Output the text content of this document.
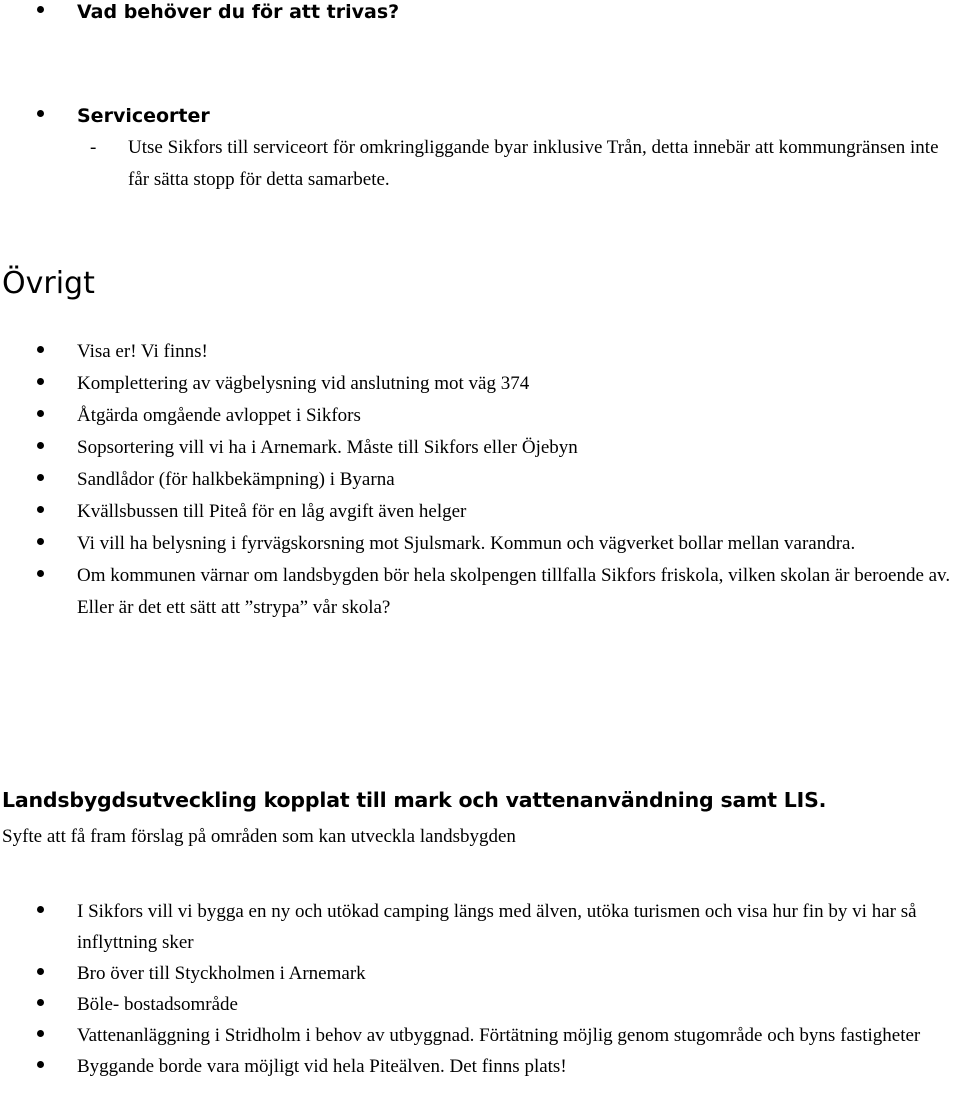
Vad behöver du för att trivas?
Serviceorter
- Utse Sikfors till serviceort för omkringliggande byar inklusive Trån, detta innebär att kommungränsen inte får sätta stopp för detta samarbete.
Övrigt
Visa er! Vi finns!
Komplettering av vägbelysning vid anslutning mot väg 374
Åtgärda omgående avloppet i Sikfors
Sopsortering vill vi ha i Arnemark. Måste till Sikfors eller Öjebyn
Sandlådor (för halkbekämpning) i Byarna
Kvällsbussen till Piteå för en låg avgift även helger
Vi vill ha belysning i fyrvägskorsning mot Sjulsmark. Kommun och vägverket bollar mellan varandra.
Om kommunen värnar om landsbygden bör hela skolpengen tillfalla Sikfors friskola, vilken skolan är beroende av. Eller är det ett sätt att ”strypa” vår skola?
Landsbygdsutveckling kopplat till mark och vattenanvändning samt LIS.
Syfte att få fram förslag på områden som kan utveckla landsbygden
I Sikfors vill vi bygga en ny och utökad camping längs med älven, utöka turismen och visa hur fin by vi har så inflyttning sker
Bro över till Styckholmen i Arnemark
Böle- bostadsområde
Vattenanläggning i Stridholm i behov av utbyggnad. Förtätning möjlig genom stugområde och byns fastigheter
Byggande borde vara möjligt vid hela Piteälven. Det finns plats!
